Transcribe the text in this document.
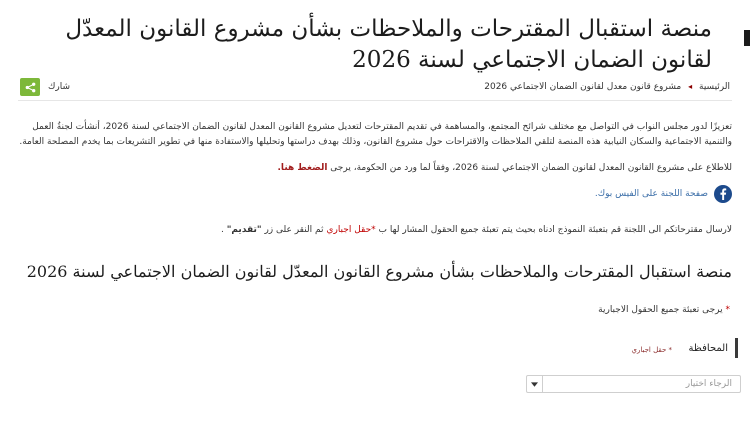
منصة استقبال المقترحات والملاحظات بشأن مشروع القانون المعدّل لقانون الضمان الاجتماعي لسنة 2026
الرئيسية ◂ مشروع قانون معدل لقانون الضمان الاجتماعي 2026
شارك

تعزيزًا لدور مجلس النواب في التواصل مع مختلف شرائح المجتمع، والمساهمة في تقديم المقترحات لتعديل مشروع القانون المعدل لقانون الضمان الاجتماعي لسنة 2026، أنشأت لجنةُ العمل والتنمية الاجتماعية والسكان النيابية هذه المنصة لتلقي الملاحظات والاقتراحات حول مشروع القانون، وذلك بهدف دراستها وتحليلها والاستفادة منها في تطوير التشريعات بما يخدم المصلحة العامة.

للاطلاع على مشروع القانون المعدل لقانون الضمان الاجتماعي لسنة 2026، وفقاً لما ورد من الحكومة، يرجى الضغط هنا.

صفحة اللجنة على الفيس بوك.

لارسال مقترحاتكم الى اللجنة قم بتعبئة النموذج ادناه بحيث يتم تعبئة جميع الحقول المشار لها ب *حقل اجباري ثم النقر على زر "تقديم" .

منصة استقبال المقترحات والملاحظات بشأن مشروع القانون المعدّل لقانون الضمان الاجتماعي لسنة 2026

* يرجى تعبئة جميع الحقول الاجبارية

المحافظة
* حقل اجباري
الرجاء اختيار
